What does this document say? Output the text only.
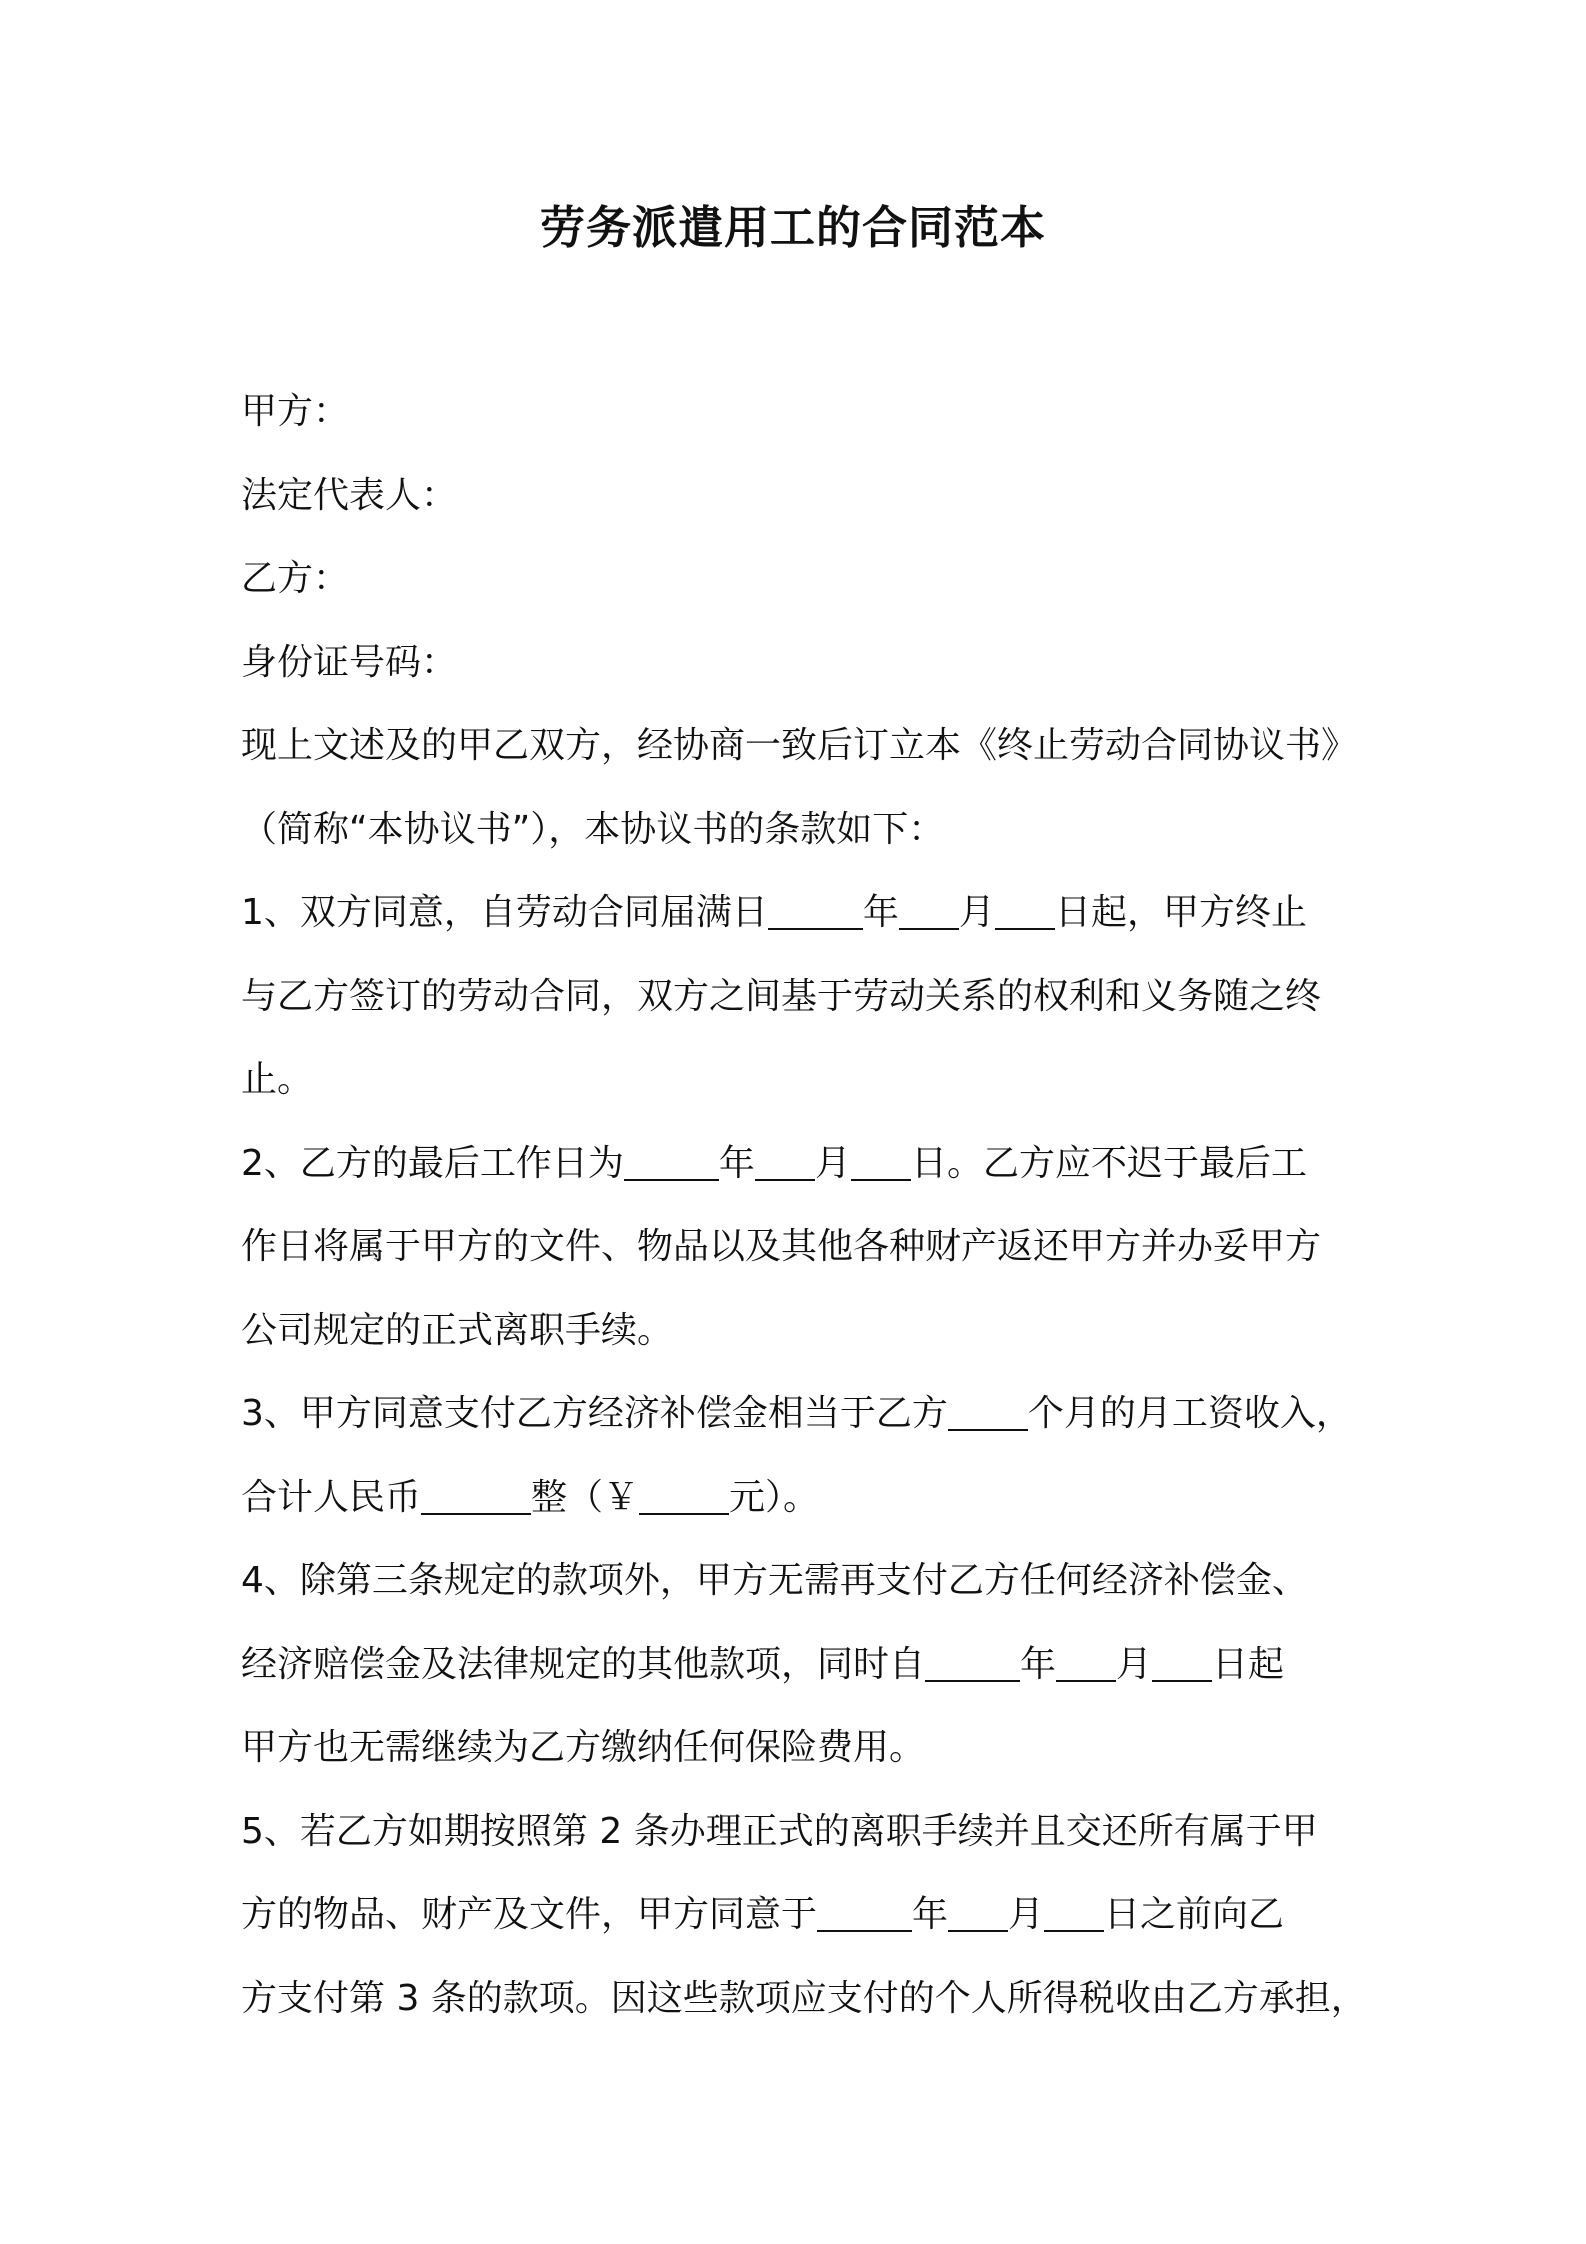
劳务派遣用工的合同范本
甲方：
法定代表人：
乙方：
身份证号码：
现上文述及的甲乙双方，经协商一致后订立本《终止劳动合同协议书》
（简称“本协议书”），本协议书的条款如下：
1、双方同意，自劳动合同届满日	年 月 日起，甲方终止
与乙方签订的劳动合同，双方之间基于劳动关系的权利和义务随之终
止。
2、乙方的最后工作日为	年 月 日。乙方应不迟于最后工
作日将属于甲方的文件、物品以及其他各种财产返还甲方并办妥甲方
公司规定的正式离职手续。
3、甲方同意支付乙方经济补偿金相当于乙方 个月的月工资收入，
合计人民币	整（￥	元）。
4、除第三条规定的款项外，甲方无需再支付乙方任何经济补偿金、
经济赔偿金及法律规定的其他款项，同时自	年 月 日起
甲方也无需继续为乙方缴纳任何保险费用。
5、若乙方如期按照第 2 条办理正式的离职手续并且交还所有属于甲
方的物品、财产及文件，甲方同意于	年 月 日之前向乙
方支付第 3 条的款项。因这些款项应支付的个人所得税收由乙方承担，
